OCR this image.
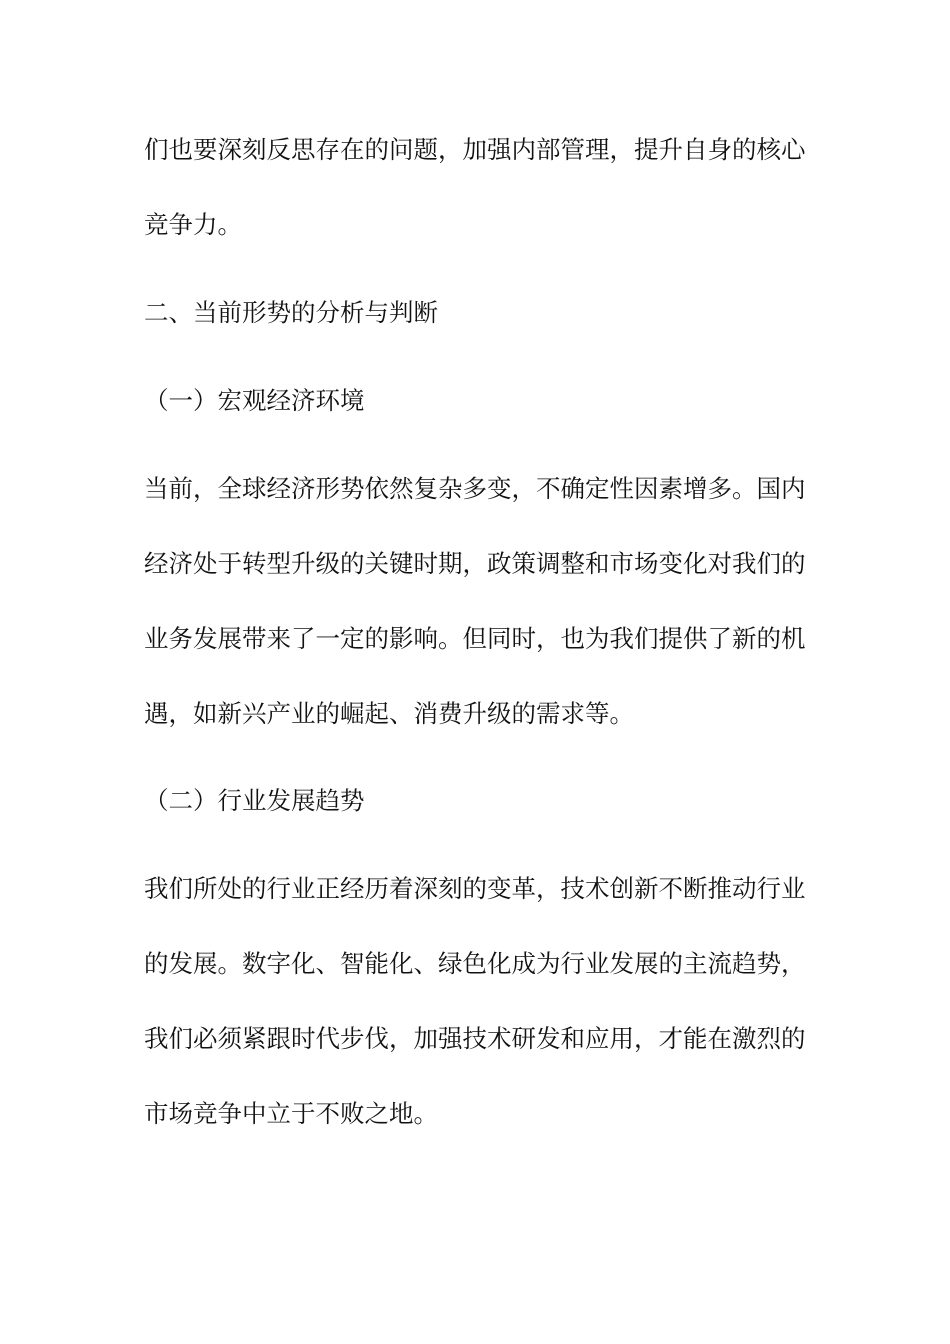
们也要深刻反思存在的问题，加强内部管理，提升自身的核心
竞争力。
二、当前形势的分析与判断
（一）宏观经济环境
当前，全球经济形势依然复杂多变，不确定性因素增多。国内
经济处于转型升级的关键时期，政策调整和市场变化对我们的
业务发展带来了一定的影响。但同时，也为我们提供了新的机
遇，如新兴产业的崛起、消费升级的需求等。
（二）行业发展趋势
我们所处的行业正经历着深刻的变革，技术创新不断推动行业
的发展。数字化、智能化、绿色化成为行业发展的主流趋势，
我们必须紧跟时代步伐，加强技术研发和应用，才能在激烈的
市场竞争中立于不败之地。
